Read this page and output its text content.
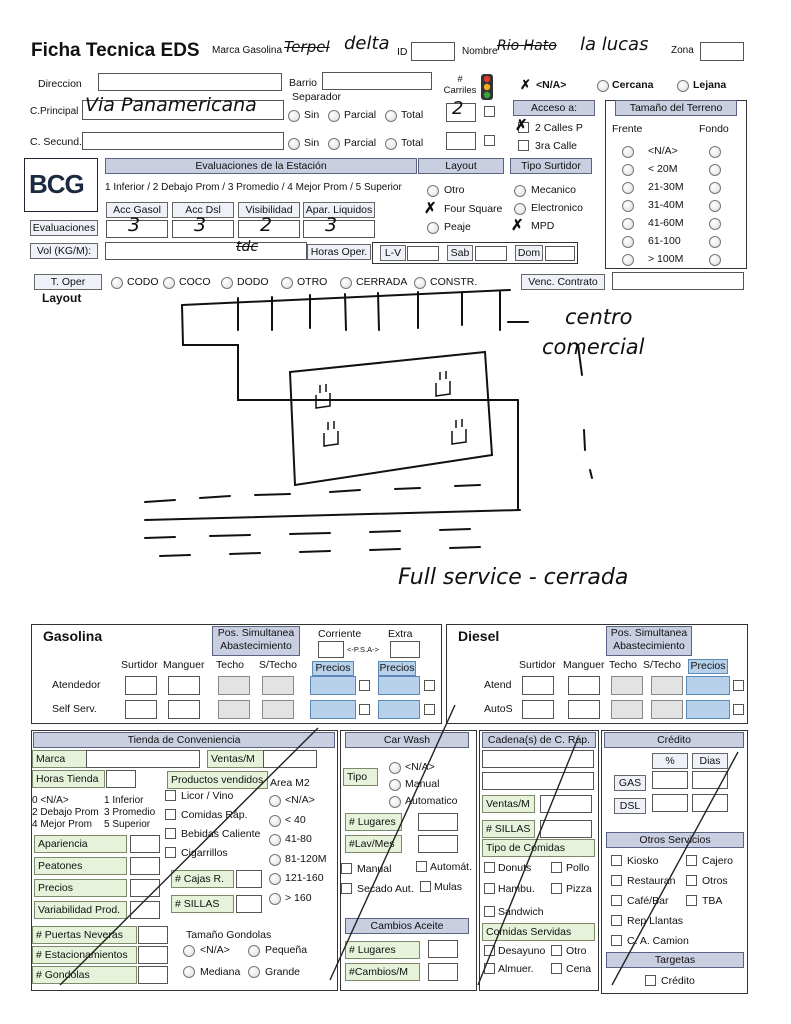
Ficha Tecnica EDS Marca Gasolina Terpel delta ID	Nombre Rio Hato la lucas Zona
Direccion	Barrio	# Carriles	✗ <N/A>	Cercana	Lejana
C.Principal Via Panamericana	Separador
Sin Parcial Total 2	Acceso a:
✗ 2 Calles P
3ra Calle
C. Secund.	Sin Parcial Total
Tamaño del Terreno
Frente	Fondo
<N/A>
< 20M
21-30M
31-40M
41-60M
61-100
> 100M
BCG
Evaluaciones de la Estación
1 Inferior / 2 Debajo Prom / 3 Promedio / 4 Mejor Prom / 5 Superior
Acc Gasol
3
Acc Dsl
3
Visibilidad
2
Apar. Liquidos
3
Evaluaciones
Vol (KG/M):	tdc	Horas Oper.	L-V	Sab	Dom
Layout
Otro
✗ Four Square
Peaje
Tipo Surtidor
Mecanico
Electronico
✗ MPD
T. Oper	CODO COCO	DODO	OTRO	CERRADA CONSTR.	Venc. Contrato
Layout
centro
comercial
Full service - cerrada
Gasolina	Pos. Simultanea
Abastecimiento
Corriente	Extra
<-P.S.A->
Surtidor Manguer Techo S/Techo
Atendedor
Self Serv.
Precios	Precios
Diesel	Pos. Simultanea
Abastecimiento
Surtidor Manguer Techo S/Techo
Atend
AutoS
Precios
Tienda de Conveniencia
Marca	Ventas/M
Horas Tienda	Productos vendidos Area M2
0 <N/A>	1 Inferior
2 Debajo Prom 3 Promedio
4 Mejor Prom 5 Superior
Licor / Vino
Comidas Ráp.
Bebidas Caliente
Cigarrillos
<N/A>
< 40
41-80
81-120M
121-160
> 160
Apariencia
Peatones
Precios
Variabilidad Prod.
# Cajas R.
# SILLAS
# Puertas Neveras
# Estacionamientos
# Gondolas
Tamaño Gondolas
<N/A>	Pequeña
Mediana Grande
Car Wash
Tipo
<N/A>
Manual
Automatico
# Lugares
#Lav/Mes
Manual	Automát.
Secado Aut. Mulas
Cambios Aceite
# Lugares
#Cambios/M
Cadena(s) de C. Ráp.
Ventas/M
# SILLAS
Tipo de Comidas
Donuts	Pollo
Hambu.	Pizza
Sandwich
Comidas Servidas
Desayuno Otro
Almuer.	Cena
Crédito
%	Dias
GAS
DSL
Otros Servicios
Kiosko	Cajero
Restauran	Otros
Café/Bar	TBA
Rep Llantas
C. A. Camion
Targetas
Crédito
